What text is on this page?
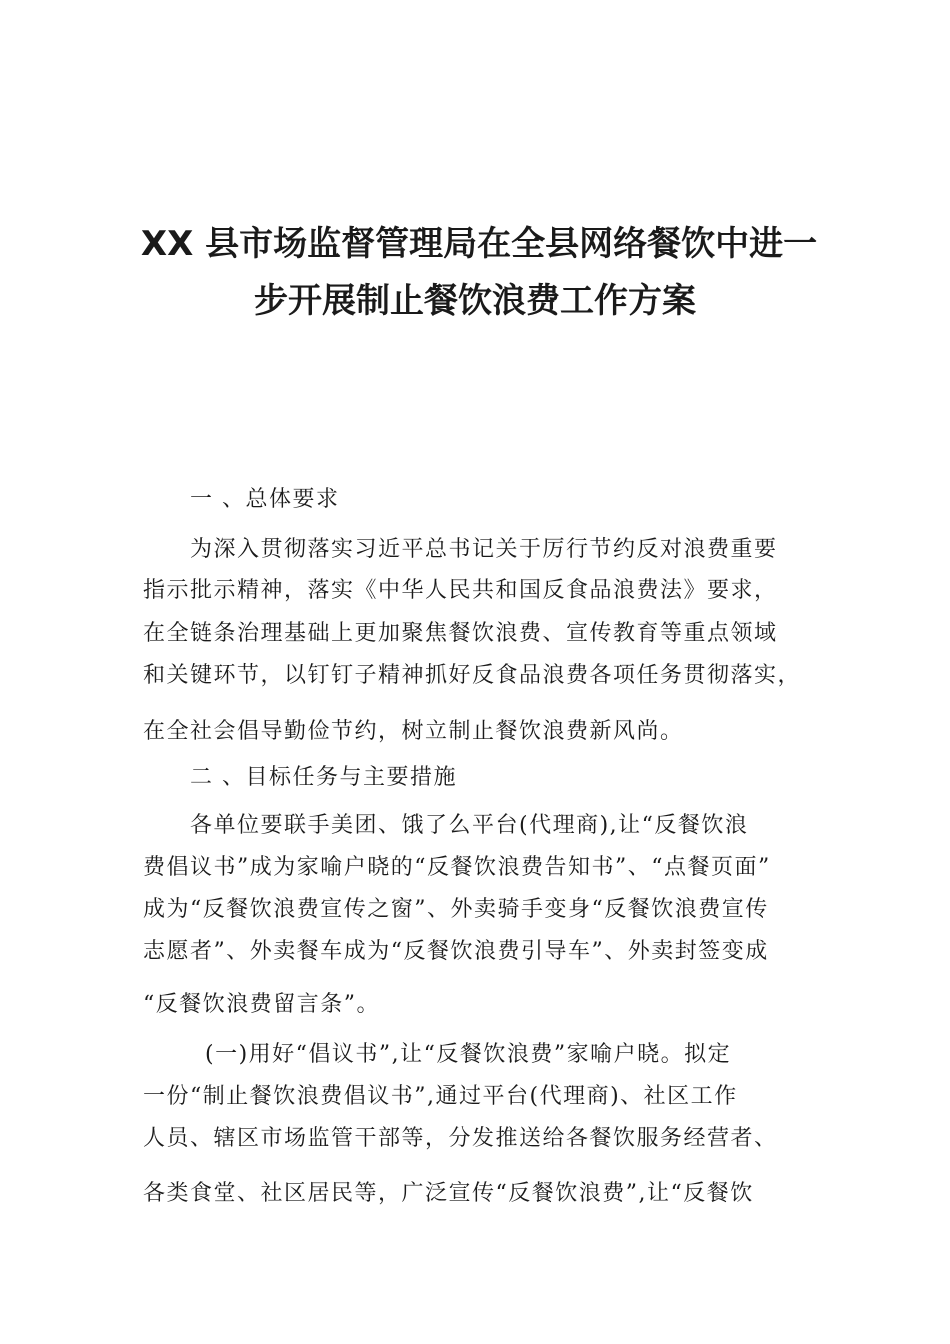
XX 县市场监督管理局在全县网络餐饮中进一
步开展制止餐饮浪费工作方案
一 、总体要求
为深入贯彻落实习近平总书记关于厉行节约反对浪费重要
指示批示精神，落实《中华人民共和国反食品浪费法》要求，
在全链条治理基础上更加聚焦餐饮浪费、宣传教育等重点领域
和关键环节，以钉钉子精神抓好反食品浪费各项任务贯彻落实，
在全社会倡导勤俭节约，树立制止餐饮浪费新风尚。
二 、目标任务与主要措施
各单位要联手美团、饿了么平台(代理商),让“反餐饮浪
费倡议书”成为家喻户晓的“反餐饮浪费告知书”、“点餐页面”
成为“反餐饮浪费宣传之窗”、外卖骑手变身“反餐饮浪费宣传
志愿者”、外卖餐车成为“反餐饮浪费引导车”、外卖封签变成
“反餐饮浪费留言条”。
(一)用好“倡议书”,让“反餐饮浪费”家喻户晓。拟定
一份“制止餐饮浪费倡议书”,通过平台(代理商)、社区工作
人员、辖区市场监管干部等，分发推送给各餐饮服务经营者、
各类食堂、社区居民等，广泛宣传“反餐饮浪费”,让“反餐饮
